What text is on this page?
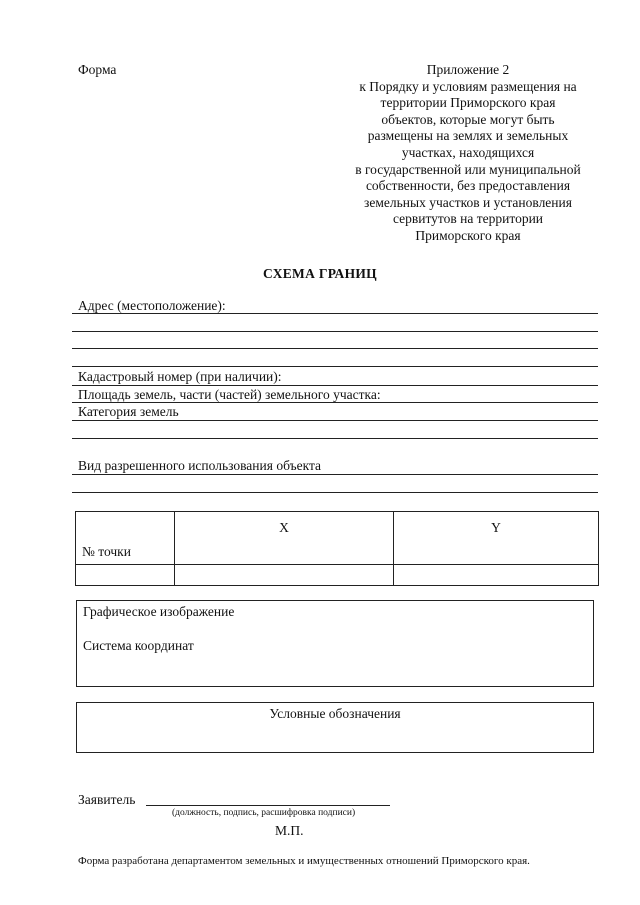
Форма	Приложение 2
к Порядку и условиям размещения на
территории Приморского края
объектов, которые могут быть
размещены на землях и земельных
участках, находящихся
в государственной или муниципальной
собственности, без предоставления
земельных участков и установления
сервитутов на территории
Приморского края
СХЕМА ГРАНИЦ
Адрес (местоположение):
Кадастровый номер (при наличии):
Площадь земель, части (частей) земельного участка:
Категория земель
Вид разрешенного использования объекта
№ точки	X	Y

Графическое изображение
Система координат
Условные обозначения
Заявитель
(должность, подпись, расшифровка подписи)
М.П.
Форма разработана департаментом земельных и имущественных отношений Приморского края.
